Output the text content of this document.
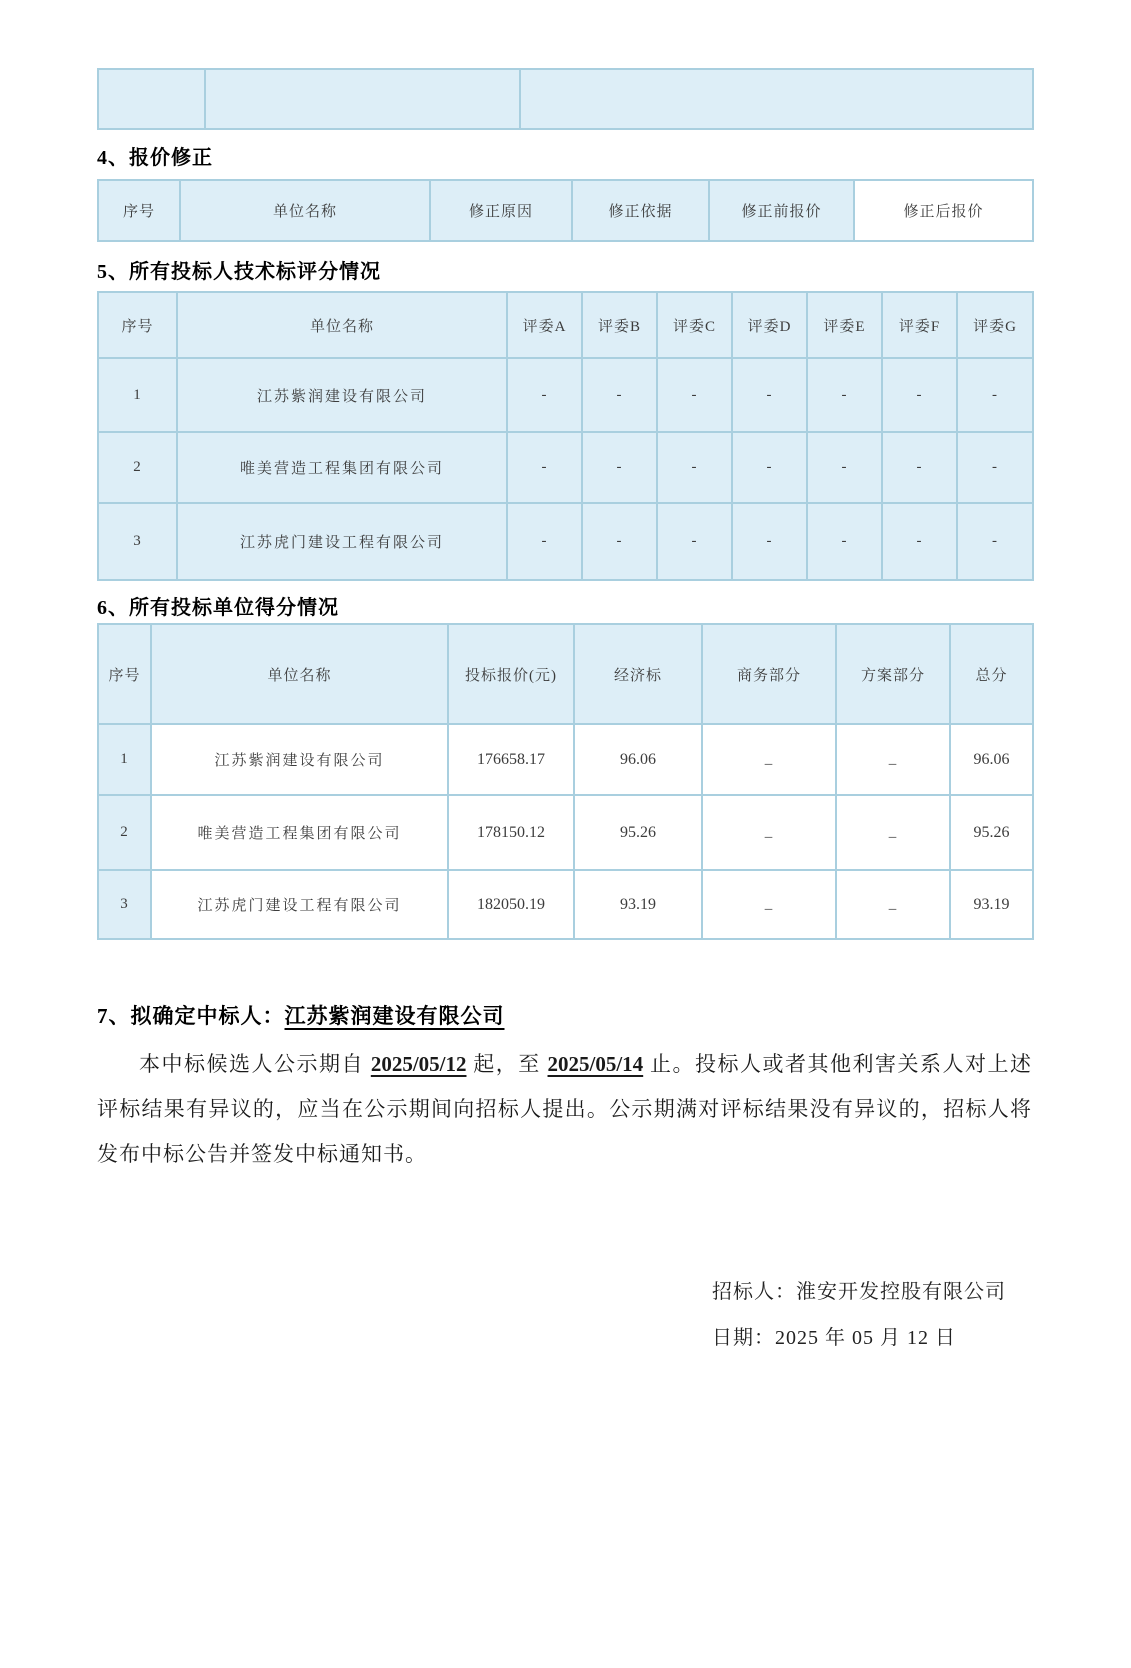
4、报价修正
序号	单位名称	修正原因	修正依据	修正前报价	修正后报价
5、所有投标人技术标评分情况
序号	单位名称	评委A	评委B	评委C	评委D	评委E	评委F	评委G
1	江苏紫润建设有限公司	-	-	-	-	-	-	-
2	唯美营造工程集团有限公司	-	-	-	-	-	-	-
3	江苏虎门建设工程有限公司	-	-	-	-	-	-	-
6、所有投标单位得分情况
序号	单位名称	投标报价(元)	经济标	商务部分	方案部分	总分
1	江苏紫润建设有限公司	176658.17	96.06	–	–	96.06
2	唯美营造工程集团有限公司	178150.12	95.26	–	–	95.26
3	江苏虎门建设工程有限公司	182050.19	93.19	–	–	93.19
7、拟确定中标人：江苏紫润建设有限公司
本中标候选人公示期自 2025/05/12 起，至 2025/05/14 止。投标人或者其他利害关系人对上述评标结果有异议的，应当在公示期间向招标人提出。公示期满对评标结果没有异议的，招标人将发布中标公告并签发中标通知书。
招标人：淮安开发控股有限公司
日期：2025 年 05 月 12 日
